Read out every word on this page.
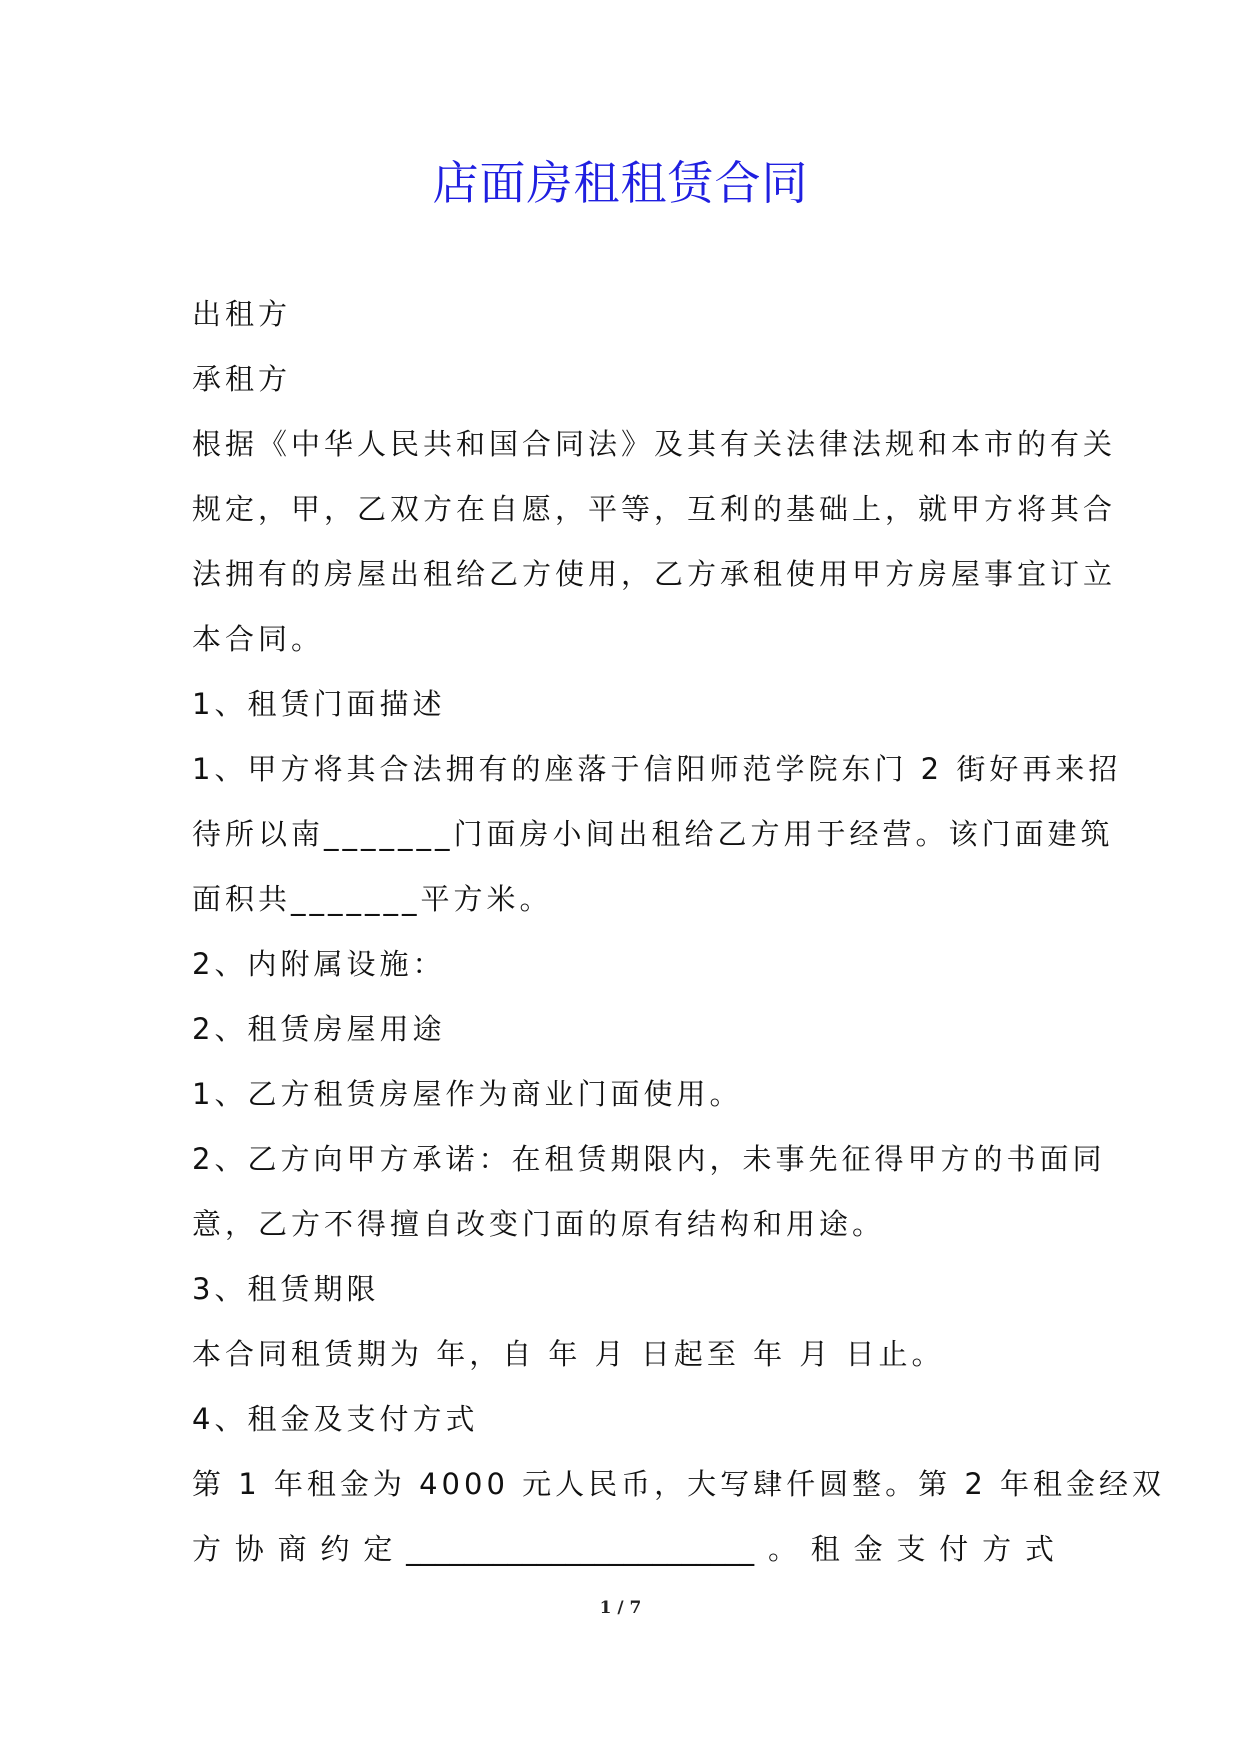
店面房租租赁合同
出租方
承租方
根据《中华人民共和国合同法》及其有关法律法规和本市的有关
规定，甲，乙双方在自愿，平等，互利的基础上，就甲方将其合
法拥有的房屋出租给乙方使用，乙方承租使用甲方房屋事宜订立
本合同。
1、租赁门面描述
1、甲方将其合法拥有的座落于信阳师范学院东门 2 街好再来招
待所以南_______门面房小间出租给乙方用于经营。该门面建筑
面积共_______平方米。
2、内附属设施：
2、租赁房屋用途
1、乙方租赁房屋作为商业门面使用。
2、乙方向甲方承诺：在租赁期限内，未事先征得甲方的书面同
意，乙方不得擅自改变门面的原有结构和用途。
3、租赁期限
本合同租赁期为 年，自 年 月 日起至 年 月 日止。
4、租金及支付方式
第 1 年租金为 4000 元人民币，大写肆仟圆整。第 2 年租金经双
方 协 商 约 定 ________________________ 。 租 金 支 付 方 式
1 / 7
